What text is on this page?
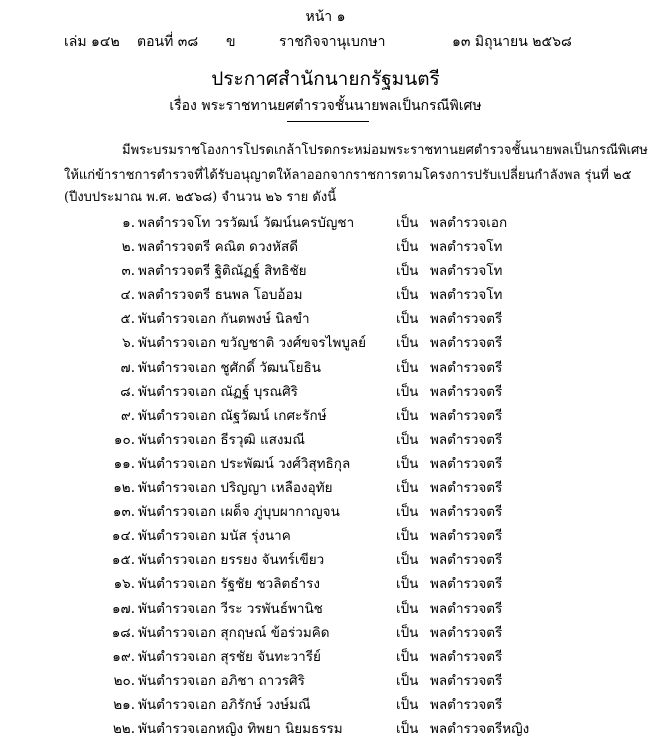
หน้า ๑
เล่ม ๑๔๒ ตอนที่ ๓๘ ข	ราชกิจจานุเบกษา	๑๓ มิถุนายน ๒๕๖๘
ประกาศสำนักนายกรัฐมนตรี
เรื่อง พระราชทานยศตำรวจชั้นนายพลเป็นกรณีพิเศษ
มีพระบรมราชโองการโปรดเกล้าโปรดกระหม่อมพระราชทานยศตำรวจชั้นนายพลเป็นกรณีพิเศษ
ให้แก่ข้าราชการตำรวจที่ได้รับอนุญาตให้ลาออกจากราชการตามโครงการปรับเปลี่ยนกำลังพล รุ่นที่ ๒๕
(ปีงบประมาณ พ.ศ. ๒๕๖๘) จำนวน ๒๖ ราย ดังนี้
๑. พลตำรวจโท วรวัฒน์ วัฒน์นครบัญชา	เป็น พลตำรวจเอก
๒. พลตำรวจตรี คณิต ดวงหัสดี	เป็น พลตำรวจโท
๓. พลตำรวจตรี ฐิติณัฏฐ์ สิทธิชัย	เป็น พลตำรวจโท
๔. พลตำรวจตรี ธนพล โอบอ้อม	เป็น พลตำรวจโท
๕. พันตำรวจเอก กันตพงษ์ นิลขำ	เป็น พลตำรวจตรี
๖. พันตำรวจเอก ขวัญชาติ วงศ์ขจรไพบูลย์ เป็น พลตำรวจตรี
๗. พันตำรวจเอก ชูศักดิ์ วัฒนโยธิน	เป็น พลตำรวจตรี
๘. พันตำรวจเอก ณัฏฐ์ บุรณศิริ	เป็น พลตำรวจตรี
๙. พันตำรวจเอก ณัฐวัฒน์ เกศะรักษ์	เป็น พลตำรวจตรี
๑๐. พันตำรวจเอก ธีรวุฒิ แสงมณี	เป็น พลตำรวจตรี
๑๑. พันตำรวจเอก ประพัฒน์ วงศ์วิสุทธิกุล	เป็น พลตำรวจตรี
๑๒. พันตำรวจเอก ปริญญา เหลืองอุทัย	เป็น พลตำรวจตรี
๑๓. พันตำรวจเอก เผด็จ ภู่บุบผากาญจน	เป็น พลตำรวจตรี
๑๔. พันตำรวจเอก มนัส รุ่งนาค	เป็น พลตำรวจตรี
๑๕. พันตำรวจเอก ยรรยง จันทร์เขียว	เป็น พลตำรวจตรี
๑๖. พันตำรวจเอก รัฐชัย ชวลิตธำรง	เป็น พลตำรวจตรี
๑๗. พันตำรวจเอก วีระ วรพันธ์พานิช	เป็น พลตำรวจตรี
๑๘. พันตำรวจเอก สุกฤษณ์ ข้อร่วมคิด	เป็น พลตำรวจตรี
๑๙. พันตำรวจเอก สุรชัย จันทะวารีย์	เป็น พลตำรวจตรี
๒๐. พันตำรวจเอก อภิชา ถาวรศิริ	เป็น พลตำรวจตรี
๒๑. พันตำรวจเอก อภิรักษ์ วงษ์มณี	เป็น พลตำรวจตรี
๒๒. พันตำรวจเอกหญิง ทิพยา นิยมธรรม	เป็น พลตำรวจตรีหญิง
